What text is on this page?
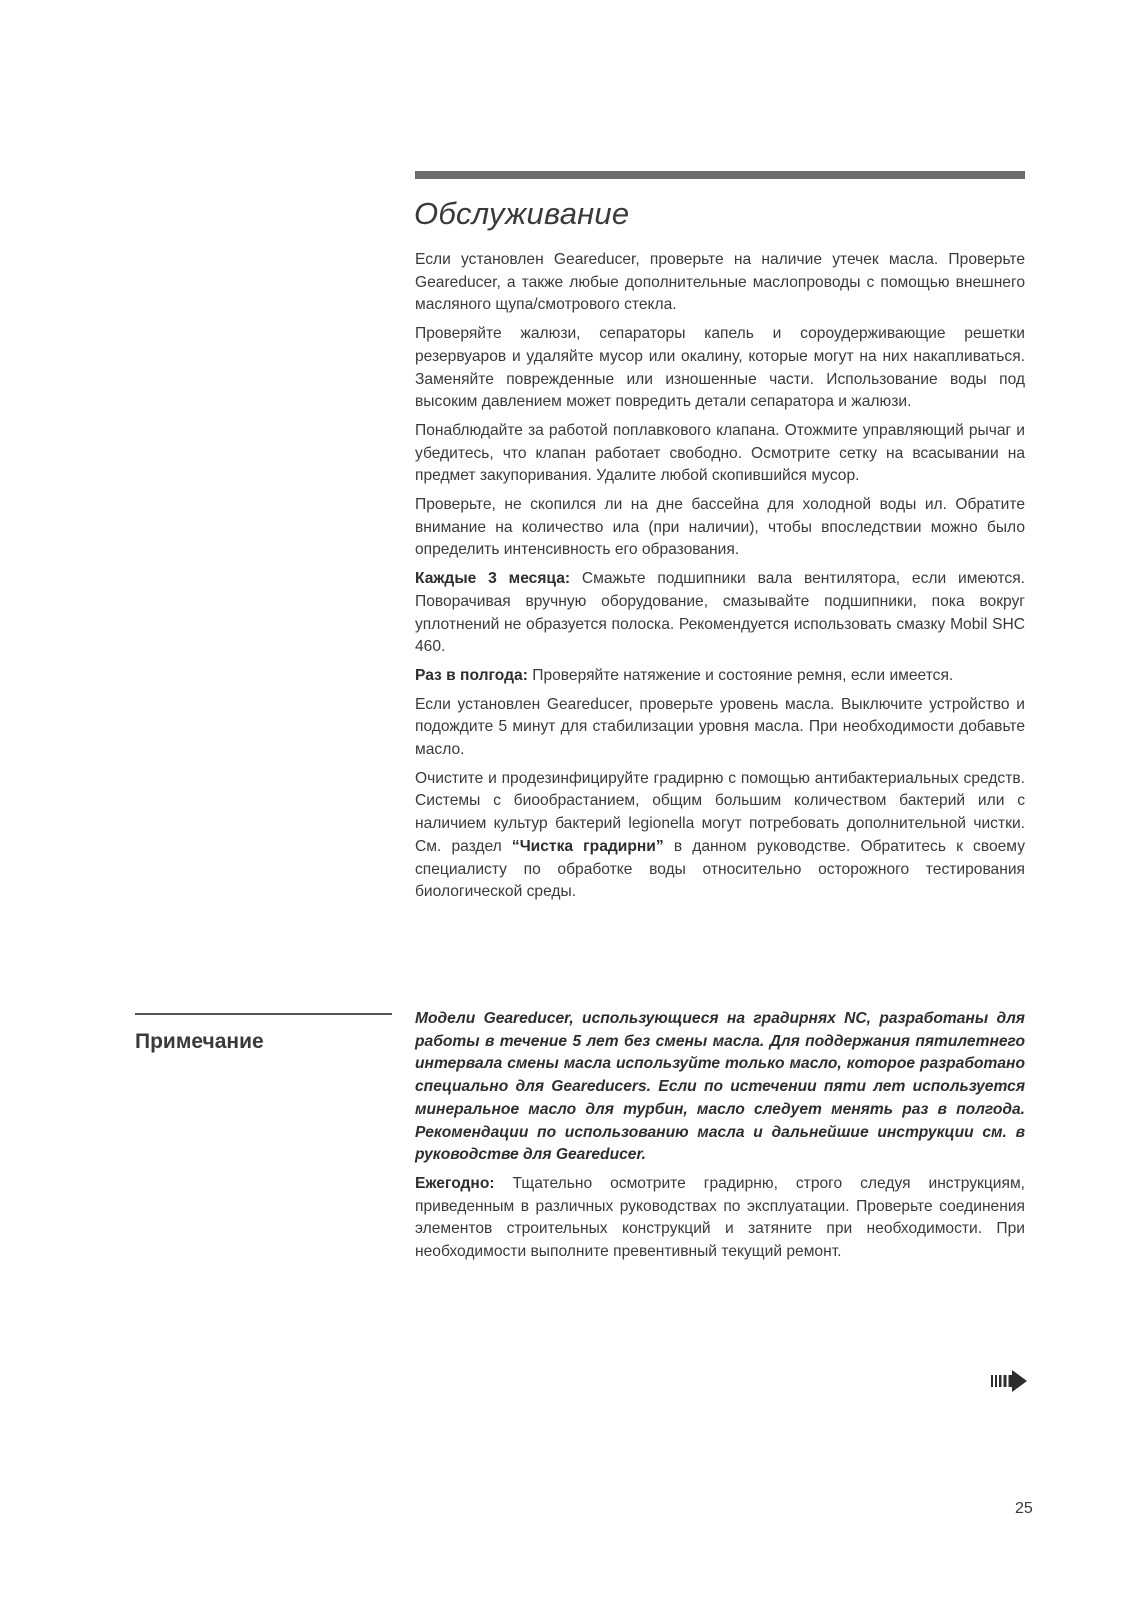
Обслуживание

Если установлен Geareducer, проверьте на наличие утечек масла. Проверьте Geareducer, а также любые дополнительные маслопроводы с помощью внешнего масляного щупа/смотрового стекла.

Проверяйте жалюзи, сепараторы капель и сороудерживающие решетки резервуаров и удаляйте мусор или окалину, которые могут на них накапливаться. Заменяйте поврежденные или изношенные части. Использование воды под высоким давлением может повредить детали сепаратора и жалюзи.

Понаблюдайте за работой поплавкового клапана. Отожмите управляющий рычаг и убедитесь, что клапан работает свободно. Осмотрите сетку на всасывании на предмет закупоривания. Удалите любой скопившийся мусор.

Проверьте, не скопился ли на дне бассейна для холодной воды ил. Обратите внимание на количество ила (при наличии), чтобы впоследствии можно было определить интенсивность его образования.

Каждые 3 месяца: Смажьте подшипники вала вентилятора, если имеются. Поворачивая вручную оборудование, смазывайте подшипники, пока вокруг уплотнений не образуется полоска. Рекомендуется использовать смазку Mobil SHC 460.

Раз в полгода: Проверяйте натяжение и состояние ремня, если имеется.

Если установлен Geareducer, проверьте уровень масла. Выключите устройство и подождите 5 минут для стабилизации уровня масла. При необходимости добавьте масло.

Очистите и продезинфицируйте градирню с помощью антибактериальных средств. Системы с биообрастанием, общим большим количеством бактерий или с наличием культур бактерий legionella могут потребовать дополнительной чистки. См. раздел “Чистка градирни” в данном руководстве. Обратитесь к своему специалисту по обработке воды относительно осторожного тестирования биологической среды.

Примечание

Модели Geareducer, использующиеся на градирнях NC, разработаны для работы в течение 5 лет без смены масла. Для поддержания пятилетнего интервала смены масла используйте только масло, которое разработано специально для Geareducers. Если по истечении пяти лет используется минеральное масло для турбин, масло следует менять раз в полгода. Рекомендации по использованию масла и дальнейшие инструкции см. в руководстве для Geareducer.

Ежегодно: Тщательно осмотрите градирню, строго следуя инструкциям, приведенным в различных руководствах по эксплуатации. Проверьте соединения элементов строительных конструкций и затяните при необходимости. При необходимости выполните превентивный текущий ремонт.

25
